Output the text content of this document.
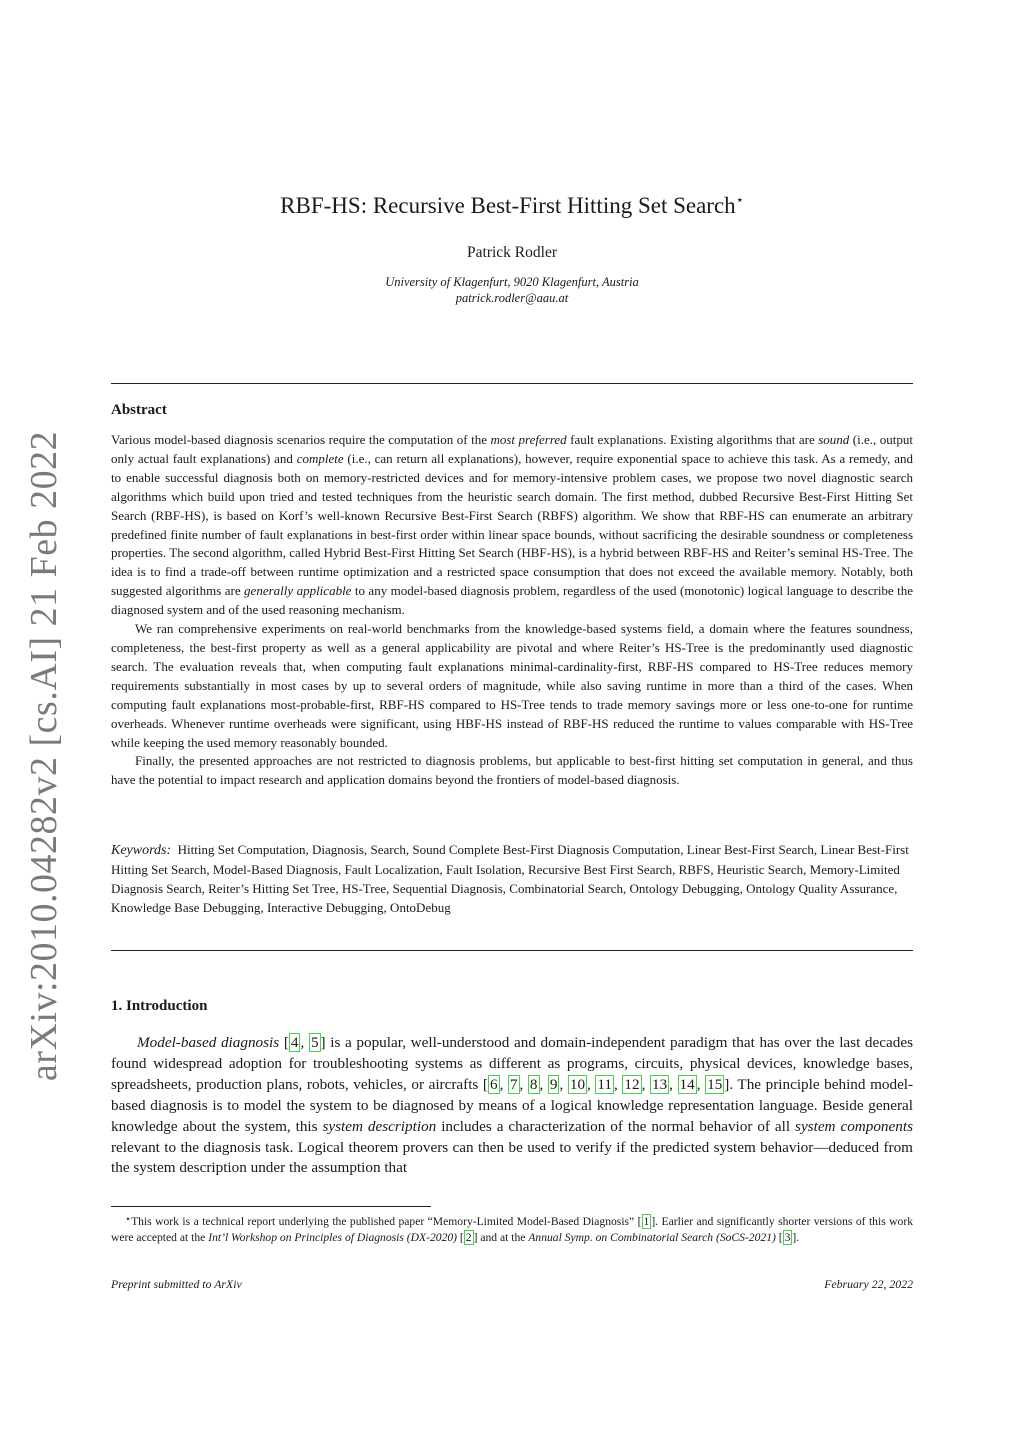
arXiv:2010.04282v2 [cs.AI] 21 Feb 2022
RBF-HS: Recursive Best-First Hitting Set Search⋆
Patrick Rodler
University of Klagenfurt, 9020 Klagenfurt, Austria
patrick.rodler@aau.at
Abstract

Various model-based diagnosis scenarios require the computation of the most preferred fault explanations. Existing algorithms that are sound (i.e., output only actual fault explanations) and complete (i.e., can return all explanations), however, require exponential space to achieve this task. As a remedy, and to enable successful diagnosis both on memory-restricted devices and for memory-intensive problem cases, we propose two novel diagnostic search algorithms which build upon tried and tested techniques from the heuristic search domain. The first method, dubbed Recursive Best-First Hitting Set Search (RBF-HS), is based on Korf’s well-known Recursive Best-First Search (RBFS) algorithm. We show that RBF-HS can enumerate an arbitrary predefined finite number of fault explanations in best-first order within linear space bounds, without sacrificing the desirable soundness or completeness properties. The second algorithm, called Hybrid Best-First Hitting Set Search (HBF-HS), is a hybrid between RBF-HS and Reiter’s seminal HS-Tree. The idea is to find a trade-off between runtime optimization and a restricted space consumption that does not exceed the available memory. Notably, both suggested algorithms are generally applicable to any model-based diagnosis problem, regardless of the used (monotonic) logical language to describe the diagnosed system and of the used reasoning mechanism.

We ran comprehensive experiments on real-world benchmarks from the knowledge-based systems field, a domain where the features soundness, completeness, the best-first property as well as a general applicability are pivotal and where Reiter’s HS-Tree is the predominantly used diagnostic search. The evaluation reveals that, when computing fault explanations minimal-cardinality-first, RBF-HS compared to HS-Tree reduces memory requirements substantially in most cases by up to several orders of magnitude, while also saving runtime in more than a third of the cases. When computing fault explanations most-probable-first, RBF-HS compared to HS-Tree tends to trade memory savings more or less one-to-one for runtime overheads. Whenever runtime overheads were significant, using HBF-HS instead of RBF-HS reduced the runtime to values comparable with HS-Tree while keeping the used memory reasonably bounded.

Finally, the presented approaches are not restricted to diagnosis problems, but applicable to best-first hitting set computation in general, and thus have the potential to impact research and application domains beyond the frontiers of model-based diagnosis.

Keywords: Hitting Set Computation, Diagnosis, Search, Sound Complete Best-First Diagnosis Computation, Linear Best-First Search, Linear Best-First Hitting Set Search, Model-Based Diagnosis, Fault Localization, Fault Isolation, Recursive Best First Search, RBFS, Heuristic Search, Memory-Limited Diagnosis Search, Reiter’s Hitting Set Tree, HS-Tree, Sequential Diagnosis, Combinatorial Search, Ontology Debugging, Ontology Quality Assurance, Knowledge Base Debugging, Interactive Debugging, OntoDebug
1. Introduction
Model-based diagnosis [ 4 , 5 ] is a popular, well-understood and domain-independent paradigm that has over the last decades found widespread adoption for troubleshooting systems as different as programs, circuits, physical devices, knowledge bases, spreadsheets, production plans, robots, vehicles, or aircrafts [ 6 , 7 , 8 , 9 , 10 , 11 , 12 , 13 , 14 , 15 ]. The principle behind model-based diagnosis is to model the system to be diagnosed by means of a logical knowledge representation language. Beside general knowledge about the system, this system description includes a characterization of the normal behavior of all system components relevant to the diagnosis task. Logical theorem provers can then be used to verify if the predicted system behavior—deduced from the system description under the assumption that
⋆This work is a technical report underlying the published paper “Memory-Limited Model-Based Diagnosis” [ 1 ]. Earlier and significantly shorter versions of this work were accepted at the Int’l Workshop on Principles of Diagnosis (DX-2020) [ 2 ] and at the Annual Symp. on Combinatorial Search (SoCS-2021) [ 3 ].
Preprint submitted to ArXiv	February 22, 2022
